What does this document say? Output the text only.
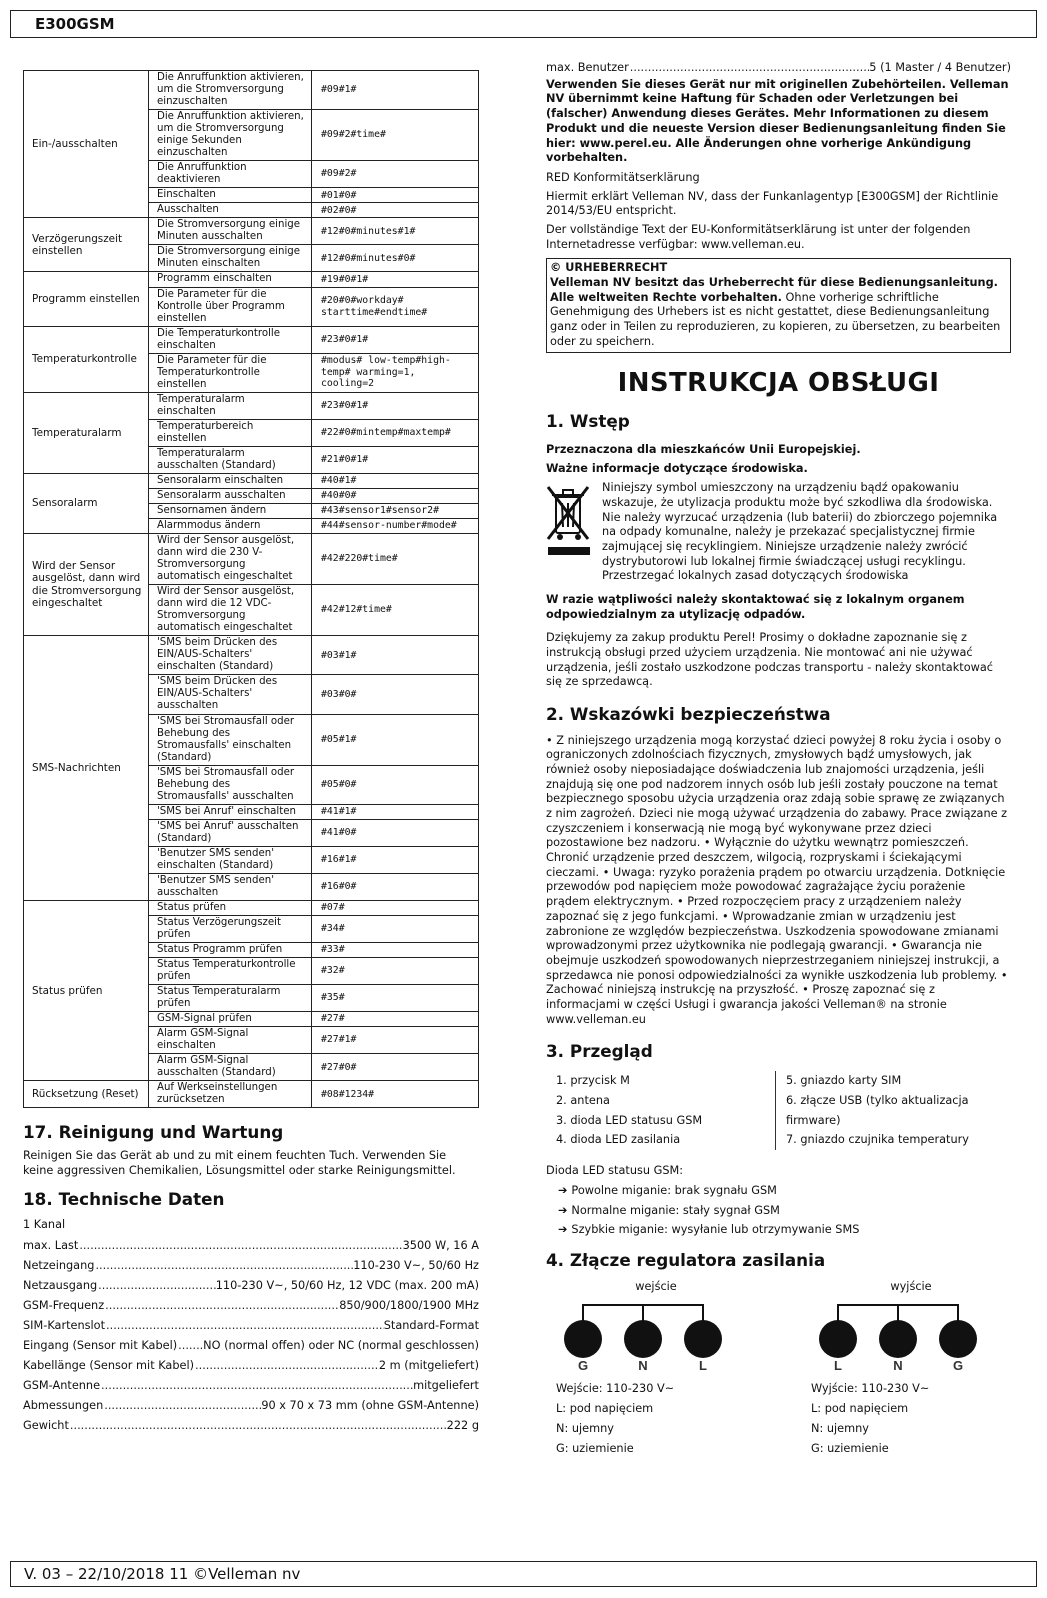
E300GSM
Ein-/ausschalten	Die Anruffunktion aktivieren, um die Stromversorgung einzuschalten	#09#1#
	Die Anruffunktion aktivieren, um die Stromversorgung einige Sekunden einzuschalten	#09#2#time#
	Die Anruffunktion deaktivieren	#09#2#
	Einschalten	#01#0#
	Ausschalten	#02#0#
Verzögerungszeit einstellen	Die Stromversorgung einige Minuten ausschalten	#12#0#minutes#1#
	Die Stromversorgung einige Minuten einschalten	#12#0#minutes#0#
Programm einstellen	Programm einschalten	#19#0#1#
	Die Parameter für die Kontrolle über Programm einstellen	#20#0#workday# starttime#endtime#
Temperaturkontrolle	Die Temperaturkontrolle einschalten	#23#0#1#
	Die Parameter für die Temperaturkontrolle einstellen	#modus# low-temp#high-temp# warming=1, cooling=2
Temperaturalarm	Temperaturalarm einschalten	#23#0#1#
	Temperaturbereich einstellen	#22#0#mintemp#maxtemp#
	Temperaturalarm ausschalten (Standard)	#21#0#1#
Sensoralarm	Sensoralarm einschalten	#40#1#
	Sensoralarm ausschalten	#40#0#
	Sensornamen ändern	#43#sensor1#sensor2#
	Alarmmodus ändern	#44#sensor-number#mode#
Wird der Sensor ausgelöst, dann wird die Stromversorgung eingeschaltet	Wird der Sensor ausgelöst, dann wird die 230 V-Stromversorgung automatisch eingeschaltet	#42#220#time#
	Wird der Sensor ausgelöst, dann wird die 12 VDC-Stromversorgung automatisch eingeschaltet	#42#12#time#
SMS-Nachrichten	'SMS beim Drücken des EIN/AUS-Schalters' einschalten (Standard)	#03#1#
	'SMS beim Drücken des EIN/AUS-Schalters' ausschalten	#03#0#
	'SMS bei Stromausfall oder Behebung des Stromausfalls' einschalten (Standard)	#05#1#
	'SMS bei Stromausfall oder Behebung des Stromausfalls' ausschalten	#05#0#
	'SMS bei Anruf' einschalten	#41#1#
	'SMS bei Anruf' ausschalten (Standard)	#41#0#
	'Benutzer SMS senden' einschalten (Standard)	#16#1#
	'Benutzer SMS senden' ausschalten	#16#0#
Status prüfen	Status prüfen	#07#
	Status Verzögerungszeit prüfen	#34#
	Status Programm prüfen	#33#
	Status Temperaturkontrolle prüfen	#32#
	Status Temperaturalarm prüfen	#35#
	GSM-Signal prüfen	#27#
	Alarm GSM-Signal einschalten	#27#1#
	Alarm GSM-Signal ausschalten (Standard)	#27#0#
Rücksetzung (Reset)	Auf Werkseinstellungen zurücksetzen	#08#1234#
17. Reinigung und Wartung

Reinigen Sie das Gerät ab und zu mit einem feuchten Tuch. Verwenden Sie keine aggressiven Chemikalien, Lösungsmittel oder starke Reinigungsmittel.

18. Technische Daten
1 Kanal
max. Last .....	3500 W, 16 A
Netzeingang .....	110-230 V~, 50/60 Hz
Netzausgang .....	110-230 V~, 50/60 Hz, 12 VDC (max. 200 mA)
GSM-Frequenz .....	850/900/1800/1900 MHz
SIM-Kartenslot .....	Standard-Format
Eingang (Sensor mit Kabel) ..... NO (normal offen) oder NC (normal geschlossen)
Kabellänge (Sensor mit Kabel) .....	2 m (mitgeliefert)
GSM-Antenne .....	mitgeliefert
Abmessungen .....	90 x 70 x 73 mm (ohne GSM-Antenne)
Gewicht .....	222 g
max. Benutzer .....	5 (1 Master / 4 Benutzer)

Verwenden Sie dieses Gerät nur mit originellen Zubehörteilen. Velleman NV übernimmt keine Haftung für Schaden oder Verletzungen bei (falscher) Anwendung dieses Gerätes. Mehr Informationen zu diesem Produkt und die neueste Version dieser Bedienungsanleitung finden Sie hier: www.perel.eu. Alle Änderungen ohne vorherige Ankündigung vorbehalten.

RED Konformitätserklärung

Hiermit erklärt Velleman NV, dass der Funkanlagentyp [E300GSM] der Richtlinie 2014/53/EU entspricht.

Der vollständige Text der EU-Konformitätserklärung ist unter der folgenden Internetadresse verfügbar: www.velleman.eu.

© URHEBERRECHT
Velleman NV besitzt das Urheberrecht für diese Bedienungsanleitung. Alle weltweiten Rechte vorbehalten. Ohne vorherige schriftliche Genehmigung des Urhebers ist es nicht gestattet, diese Bedienungsanleitung ganz oder in Teilen zu reproduzieren, zu kopieren, zu übersetzen, zu bearbeiten oder zu speichern.
INSTRUKCJA OBSŁUGI
1. Wstęp

Przeznaczona dla mieszkańców Unii Europejskiej.

Ważne informacje dotyczące środowiska.

Niniejszy symbol umieszczony na urządzeniu bądź opakowaniu wskazuje, że utylizacja produktu może być szkodliwa dla środowiska. Nie należy wyrzucać urządzenia (lub baterii) do zbiorczego pojemnika na odpady komunalne, należy je przekazać specjalistycznej firmie zajmującej się recyklingiem. Niniejsze urządzenie należy zwrócić dystrybutorowi lub lokalnej firmie świadczącej usługi recyklingu. Przestrzegać lokalnych zasad dotyczących środowiska

W razie wątpliwości należy skontaktować się z lokalnym organem odpowiedzialnym za utylizację odpadów.

Dziękujemy za zakup produktu Perel! Prosimy o dokładne zapoznanie się z instrukcją obsługi przed użyciem urządzenia. Nie montować ani nie używać urządzenia, jeśli zostało uszkodzone podczas transportu - należy skontaktować się ze sprzedawcą.

2. Wskazówki bezpieczeństwa

• Z niniejszego urządzenia mogą korzystać dzieci powyżej 8 roku życia i osoby o ograniczonych zdolnościach fizycznych, zmysłowych bądź umysłowych, jak również osoby nieposiadające doświadczenia lub znajomości urządzenia, jeśli znajdują się one pod nadzorem innych osób lub jeśli zostały pouczone na temat bezpiecznego sposobu użycia urządzenia oraz zdają sobie sprawę ze związanych z nim zagrożeń. Dzieci nie mogą używać urządzenia do zabawy. Prace związane z czyszczeniem i konserwacją nie mogą być wykonywane przez dzieci pozostawione bez nadzoru. • Wyłącznie do użytku wewnątrz pomieszczeń. Chronić urządzenie przed deszczem, wilgocią, rozpryskami i ściekającymi cieczami. • Uwaga: ryzyko porażenia prądem po otwarciu urządzenia. Dotknięcie przewodów pod napięciem może powodować zagrażające życiu porażenie prądem elektrycznym. • Przed rozpoczęciem pracy z urządzeniem należy zapoznać się z jego funkcjami. • Wprowadzanie zmian w urządzeniu jest zabronione ze względów bezpieczeństwa. Uszkodzenia spowodowane zmianami wprowadzonymi przez użytkownika nie podlegają gwarancji. • Gwarancja nie obejmuje uszkodzeń spowodowanych nieprzestrzeganiem niniejszej instrukcji, a sprzedawca nie ponosi odpowiedzialności za wynikłe uszkodzenia lub problemy. • Zachować niniejszą instrukcję na przyszłość. • Proszę zapoznać się z informacjami w części Usługi i gwarancja jakości Velleman® na stronie www.velleman.eu

3. Przegląd
1. przycisk M
2. antena
3. dioda LED statusu GSM
4. dioda LED zasilania
5. gniazdo karty SIM
6. złącze USB (tylko aktualizacja firmware)
7. gniazdo czujnika temperatury

Dioda LED statusu GSM:

➔ Powolne miganie: brak sygnału GSM
➔ Normalne miganie: stały sygnał GSM
➔ Szybkie miganie: wysyłanie lub otrzymywanie SMS
4. Złącze regulatora zasilania
wejście
G	N	L
Wejście: 110-230 V~
L: pod napięciem
N: ujemny
G: uziemienie
wyjście
L	N	G
Wyjście: 110-230 V~
L: pod napięciem
N: ujemny
G: uziemienie
V. 03 – 22/10/2018 11 ©Velleman nv
